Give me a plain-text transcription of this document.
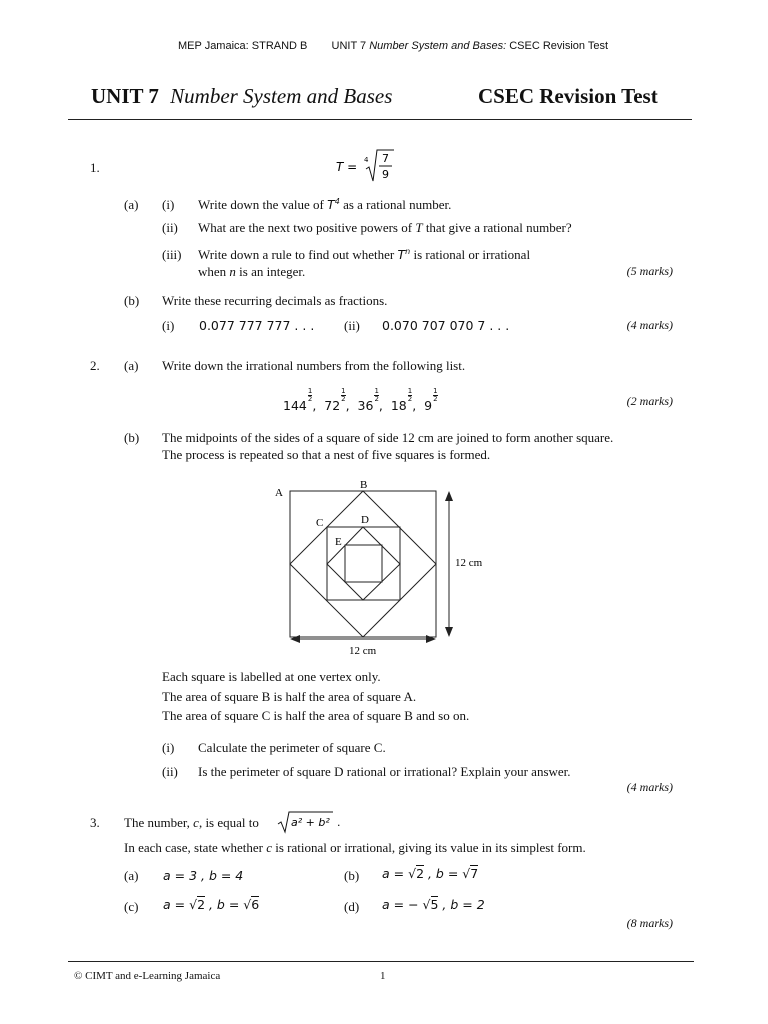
MEP Jamaica: STRAND B UNIT 7 Number System and Bases: CSEC Revision Test
UNIT 7 Number System and Bases	CSEC Revision Test
1.	T = 4 7
9
(a) (i) Write down the value of $T^4$ as a rational number.
(ii) What are the next two positive powers of T that give a rational number?
(iii) Write down a rule to find out whether $T^n$ is rational or irrational
when n is an integer.	(5 marks)
(b) Write these recurring decimals as fractions.
(i) 0.077 777 777 . . . (ii) 0.070 707 070 7 . . .	(4 marks)
2. (a) Write down the irrational numbers from the following list.
144
$\frac{1}{2}$
,  72
$\frac{1}{2}$
,  36
$\frac{1}{2}$
,  18
$\frac{1}{2}$
,  9
$\frac{1}{2}$	(2 marks)
(b) The midpoints of the sides of a square of side 12 cm are joined to form another square.
The process is repeated so that a nest of five squares is formed.
A
B
C	D
E
12 cm
12 cm
Each square is labelled at one vertex only.
The area of square B is half the area of square A.
The area of square C is half the area of square B and so on.
(i) Calculate the perimeter of square C.
(ii) Is the perimeter of square D rational or irrational? Explain your answer.
(4 marks)
3. The number, c, is equal to	a² + b² .
In each case, state whether c is rational or irrational, giving its value in its simplest form.
(a) a = 3 , b = 4	(b) a = √2 , b = √7
(c) a = √2 , b = √6	(d) a = − √5 , b = 2
(8 marks)
© CIMT and e-Learning Jamaica	1
